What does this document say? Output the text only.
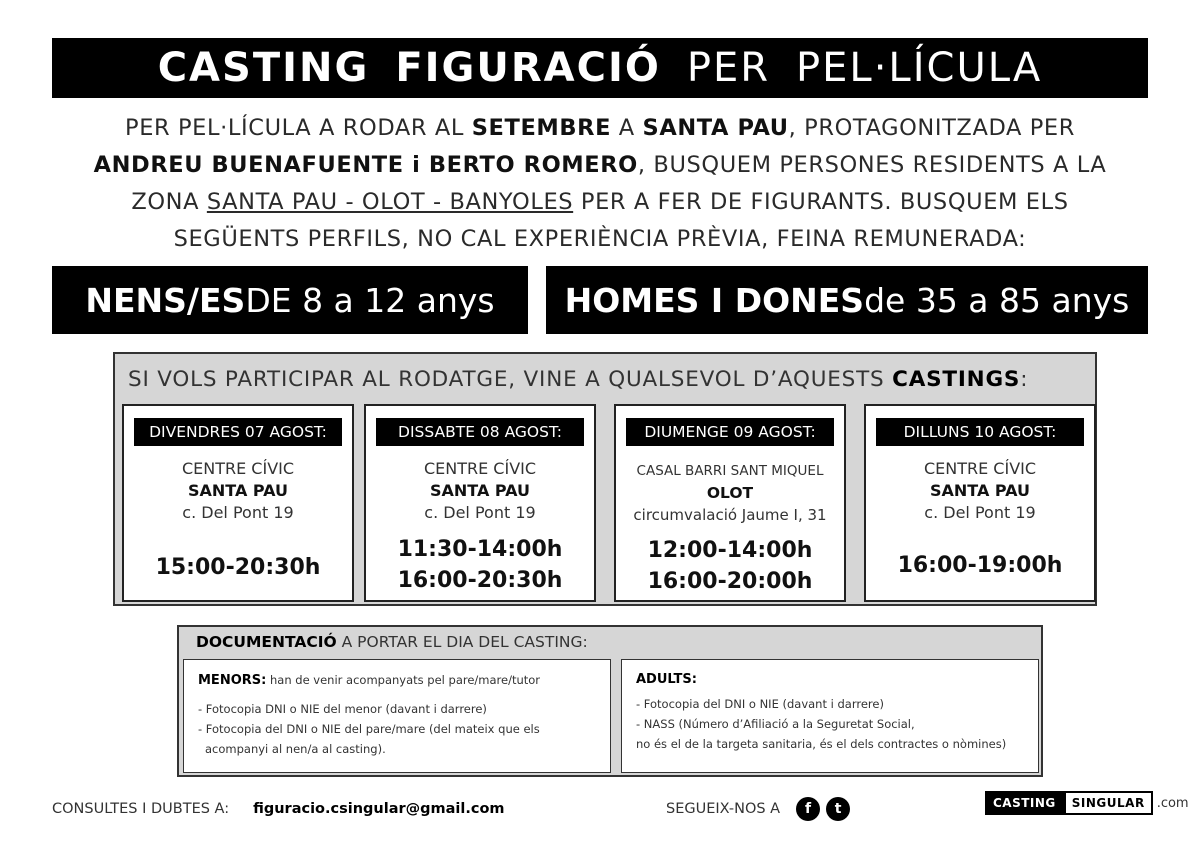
CASTING FIGURACIÓ PER PEL·LÍCULA
PER PEL·LÍCULA A RODAR AL SETEMBRE A SANTA PAU, PROTAGONITZADA PER
ANDREU BUENAFUENTE i BERTO ROMERO, BUSQUEM PERSONES RESIDENTS A LA
ZONA SANTA PAU - OLOT - BANYOLES PER A FER DE FIGURANTS. BUSQUEM ELS
SEGÜENTS PERFILS, NO CAL EXPERIÈNCIA PRÈVIA, FEINA REMUNERADA:
NENS/ES DE 8 a 12 anys HOMES I DONES de 35 a 85 anys
SI VOLS PARTICIPAR AL RODATGE, VINE A QUALSEVOL D’AQUESTS CASTINGS:
DIVENDRES 07 AGOST:
CENTRE CÍVIC
SANTA PAU
c. Del Pont 19
15:00-20:30h
DISSABTE 08 AGOST:
CENTRE CÍVIC
SANTA PAU
c. Del Pont 19
11:30-14:00h
16:00-20:30h
DIUMENGE 09 AGOST:
CASAL BARRI SANT MIQUEL
OLOT
circumvalació Jaume I, 31
12:00-14:00h
16:00-20:00h
DILLUNS 10 AGOST:
CENTRE CÍVIC
SANTA PAU
c. Del Pont 19
16:00-19:00h
DOCUMENTACIÓ A PORTAR EL DIA DEL CASTING:
MENORS: han de venir acompanyats pel pare/mare/tutor
- Fotocopia DNI o NIE del menor (davant i darrere)
- Fotocopia del DNI o NIE del pare/mare (del mateix que els
acompanyi al nen/a al casting).
ADULTS:
- Fotocopia del DNI o NIE (davant i darrere)
- NASS (Número d’Afiliació a la Seguretat Social,
no és el de la targeta sanitaria, és el dels contractes o nòmines)
CONSULTES I DUBTES A: figuracio.csingular@gmail.com	SEGUEIX-NOS A	f	t	CASTING	SINGULAR .com
